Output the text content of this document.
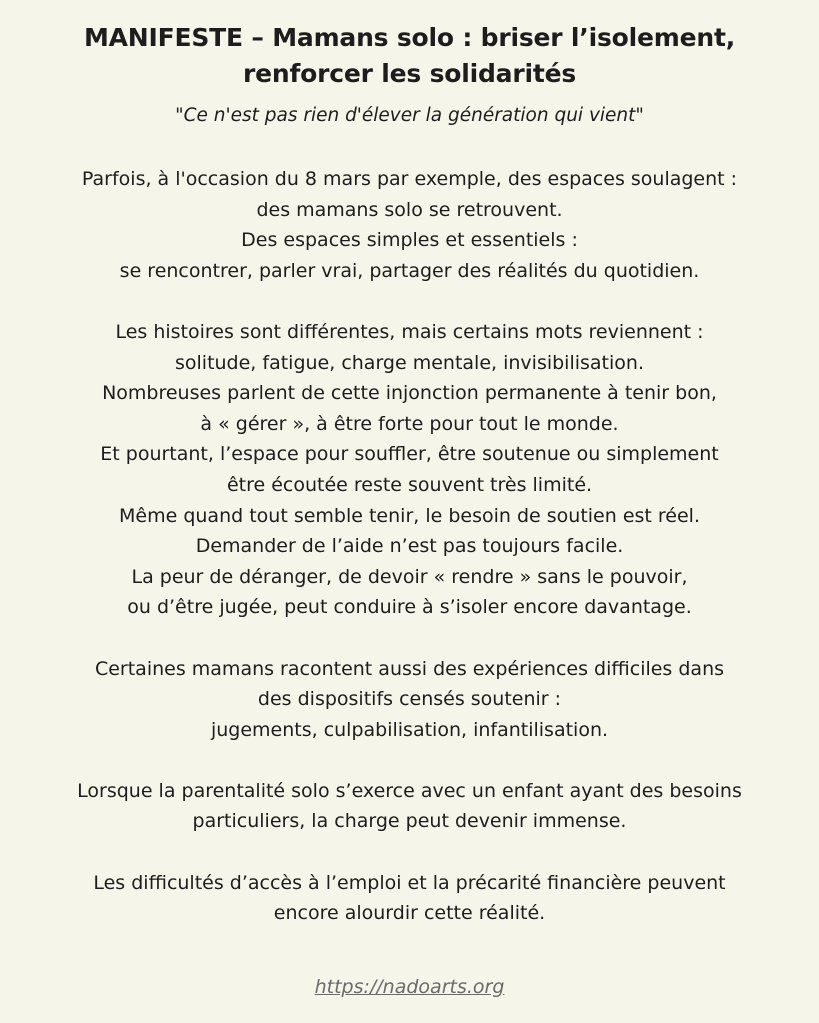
MANIFESTE – Mamans solo : briser l’isolement,
renforcer les solidarités

"Ce n'est pas rien d'élever la génération qui vient"

Parfois, à l'occasion du 8 mars par exemple, des espaces soulagent :
des mamans solo se retrouvent.
Des espaces simples et essentiels :
se rencontrer, parler vrai, partager des réalités du quotidien.

Les histoires sont différentes, mais certains mots reviennent :
solitude, fatigue, charge mentale, invisibilisation.
Nombreuses parlent de cette injonction permanente à tenir bon,
à « gérer », à être forte pour tout le monde.
Et pourtant, l’espace pour souffler, être soutenue ou simplement
être écoutée reste souvent très limité.
Même quand tout semble tenir, le besoin de soutien est réel.
Demander de l’aide n’est pas toujours facile.
La peur de déranger, de devoir « rendre » sans le pouvoir,
ou d’être jugée, peut conduire à s’isoler encore davantage.

Certaines mamans racontent aussi des expériences difficiles dans
des dispositifs censés soutenir :
jugements, culpabilisation, infantilisation.

Lorsque la parentalité solo s’exerce avec un enfant ayant des besoins
particuliers, la charge peut devenir immense.

Les difficultés d’accès à l’emploi et la précarité financière peuvent
encore alourdir cette réalité.

https://nadoarts.org
